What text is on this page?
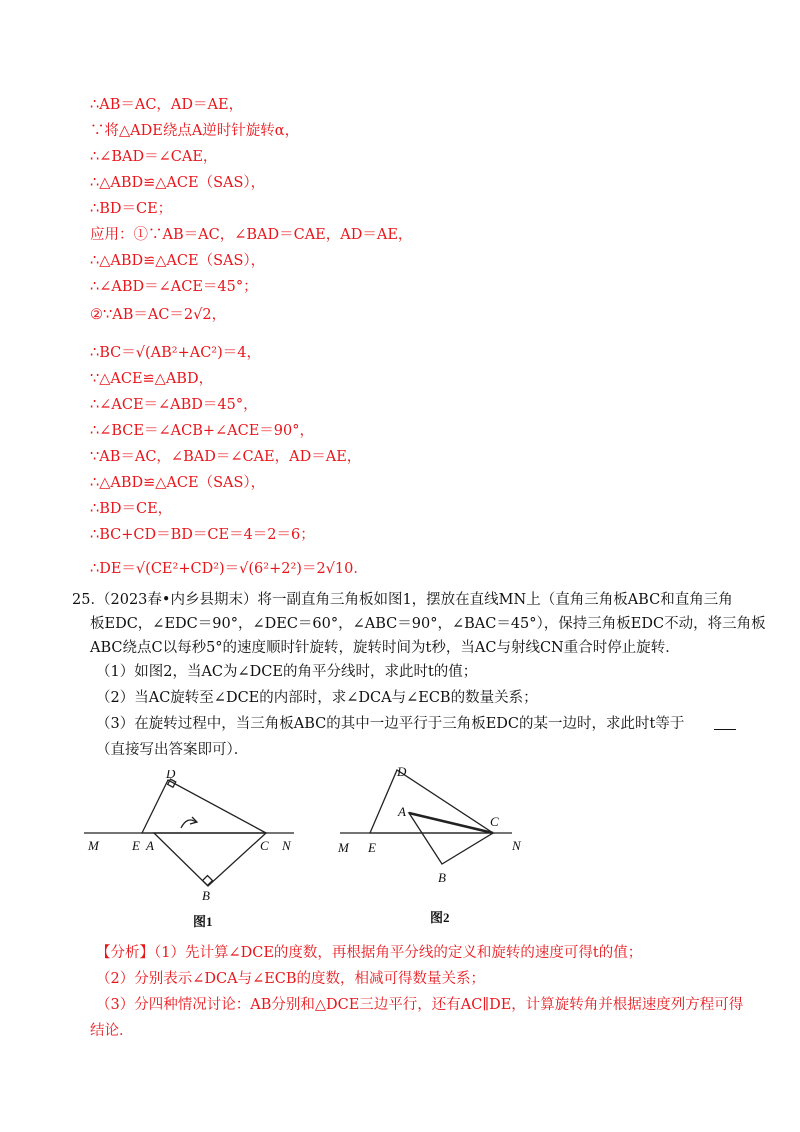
∴AB＝AC，AD＝AE，
∵将△ADE绕点A逆时针旋转α，
∴∠BAD＝∠CAE，
∴△ABD≌△ACE（SAS），
∴BD＝CE；
应用：①∵AB＝AC，∠BAD＝CAE，AD＝AE，
∴△ABD≌△ACE（SAS），
∴∠ABD＝∠ACE＝45°；
②∵AB＝AC＝2√2，
∴BC＝√(AB²+AC²)＝4，
∵△ACE≌△ABD，
∴∠ACE＝∠ABD＝45°，
∴∠BCE＝∠ACB+∠ACE＝90°，
∵AB＝AC，∠BAD＝∠CAE，AD＝AE，
∴△ABD≌△ACE（SAS），
∴BD＝CE，
∴BC+CD＝BD＝CE＝4＝2＝6；
∴DE＝√(CE²+CD²)＝√(6²+2²)＝2√10．
25．
（2023春•内乡县期末）将一副直角三角板如图1，摆放在直线MN上（直角三角板ABC和直角三角
板EDC，∠EDC＝90°，∠DEC＝60°，∠ABC＝90°，∠BAC＝45°），保持三角板EDC不动，将三角板
ABC绕点C以每秒5°的速度顺时针旋转，旋转时间为t秒，当AC与射线CN重合时停止旋转．
（1）如图2，当AC为∠DCE的角平分线时，求此时t的值；
（2）当AC旋转至∠DCE的内部时，求∠DCA与∠ECB的数量关系；
（3）在旋转过程中，当三角板ABC的其中一边平行于三角板EDC的某一边时，求此时t等于
（直接写出答案即可）．
D
M	E A	C N
B
图1
D
A
C
M E	N
B
图2
【分析】（1）先计算∠DCE的度数，再根据角平分线的定义和旋转的速度可得t的值；
（2）分别表示∠DCA与∠ECB的度数，相减可得数量关系；
（3）分四种情况讨论：AB分别和△DCE三边平行，还有AC∥DE，计算旋转角并根据速度列方程可得
结论．
